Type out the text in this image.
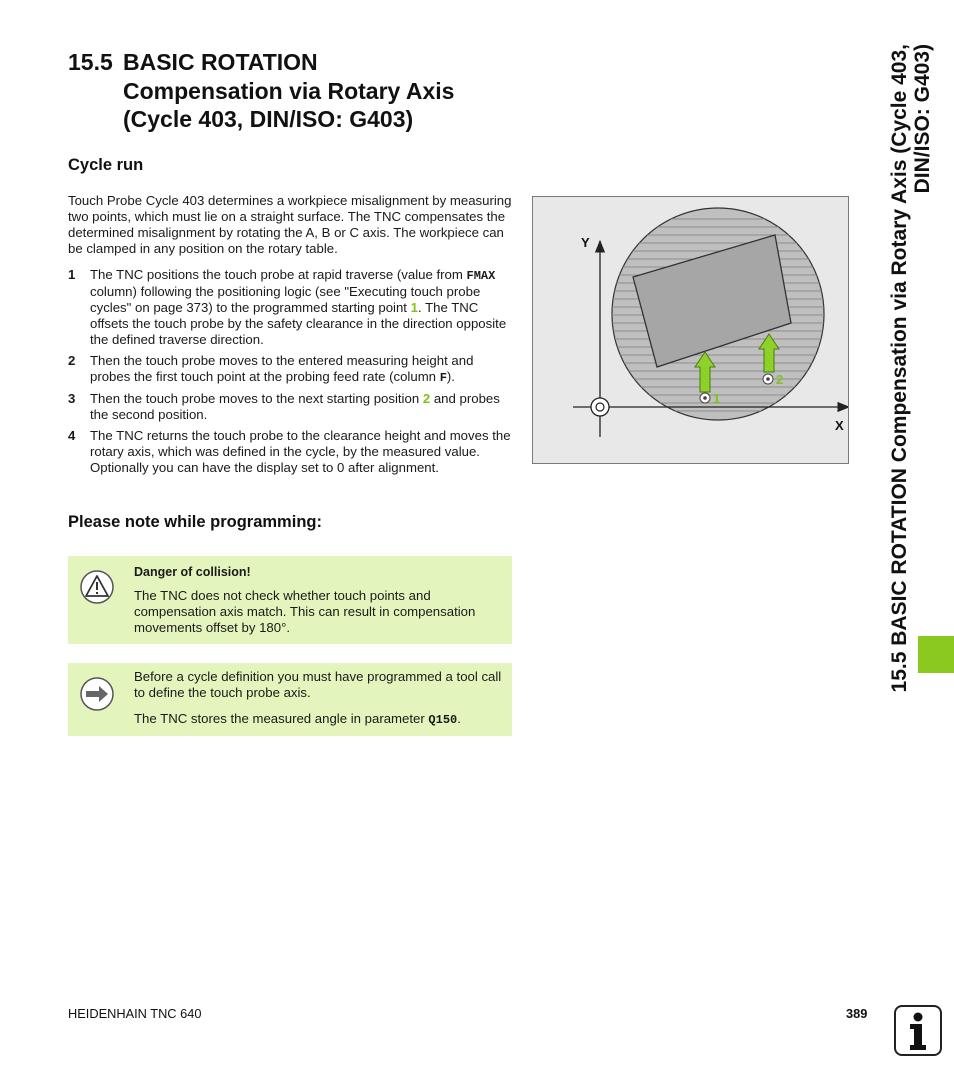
15.5 BASIC ROTATION
Compensation via Rotary Axis
(Cycle 403, DIN/ISO: G403)
Cycle run

Touch Probe Cycle 403 determines a workpiece misalignment by measuring two points, which must lie on a straight surface. The TNC compensates the determined misalignment by rotating the A, B or C axis. The workpiece can be clamped in any position on the rotary table.

1	The TNC positions the touch probe at rapid traverse (value from FMAX column) following the positioning logic (see "Executing touch probe cycles" on page 373) to the programmed starting point 1. The TNC offsets the touch probe by the safety clearance in the direction opposite the defined traverse direction.
2	Then the touch probe moves to the entered measuring height and probes the first touch point at the probing feed rate (column F).
3	Then the touch probe moves to the next starting position 2 and probes the second position.
4	The TNC returns the touch probe to the clearance height and moves the rotary axis, which was defined in the cycle, by the measured value. Optionally you can have the display set to 0 after alignment.
Please note while programming:

Danger of collision!

The TNC does not check whether touch points and compensation axis match. This can result in compensation movements offset by 180°.

Before a cycle definition you must have programmed a tool call to define the touch probe axis.

The TNC stores the measured angle in parameter Q150.

Y
X
1
2	15.5 BASIC ROTATION Compensation via Rotary Axis (Cycle 403, DIN/ISO: G403)
HEIDENHAIN TNC 640	389
